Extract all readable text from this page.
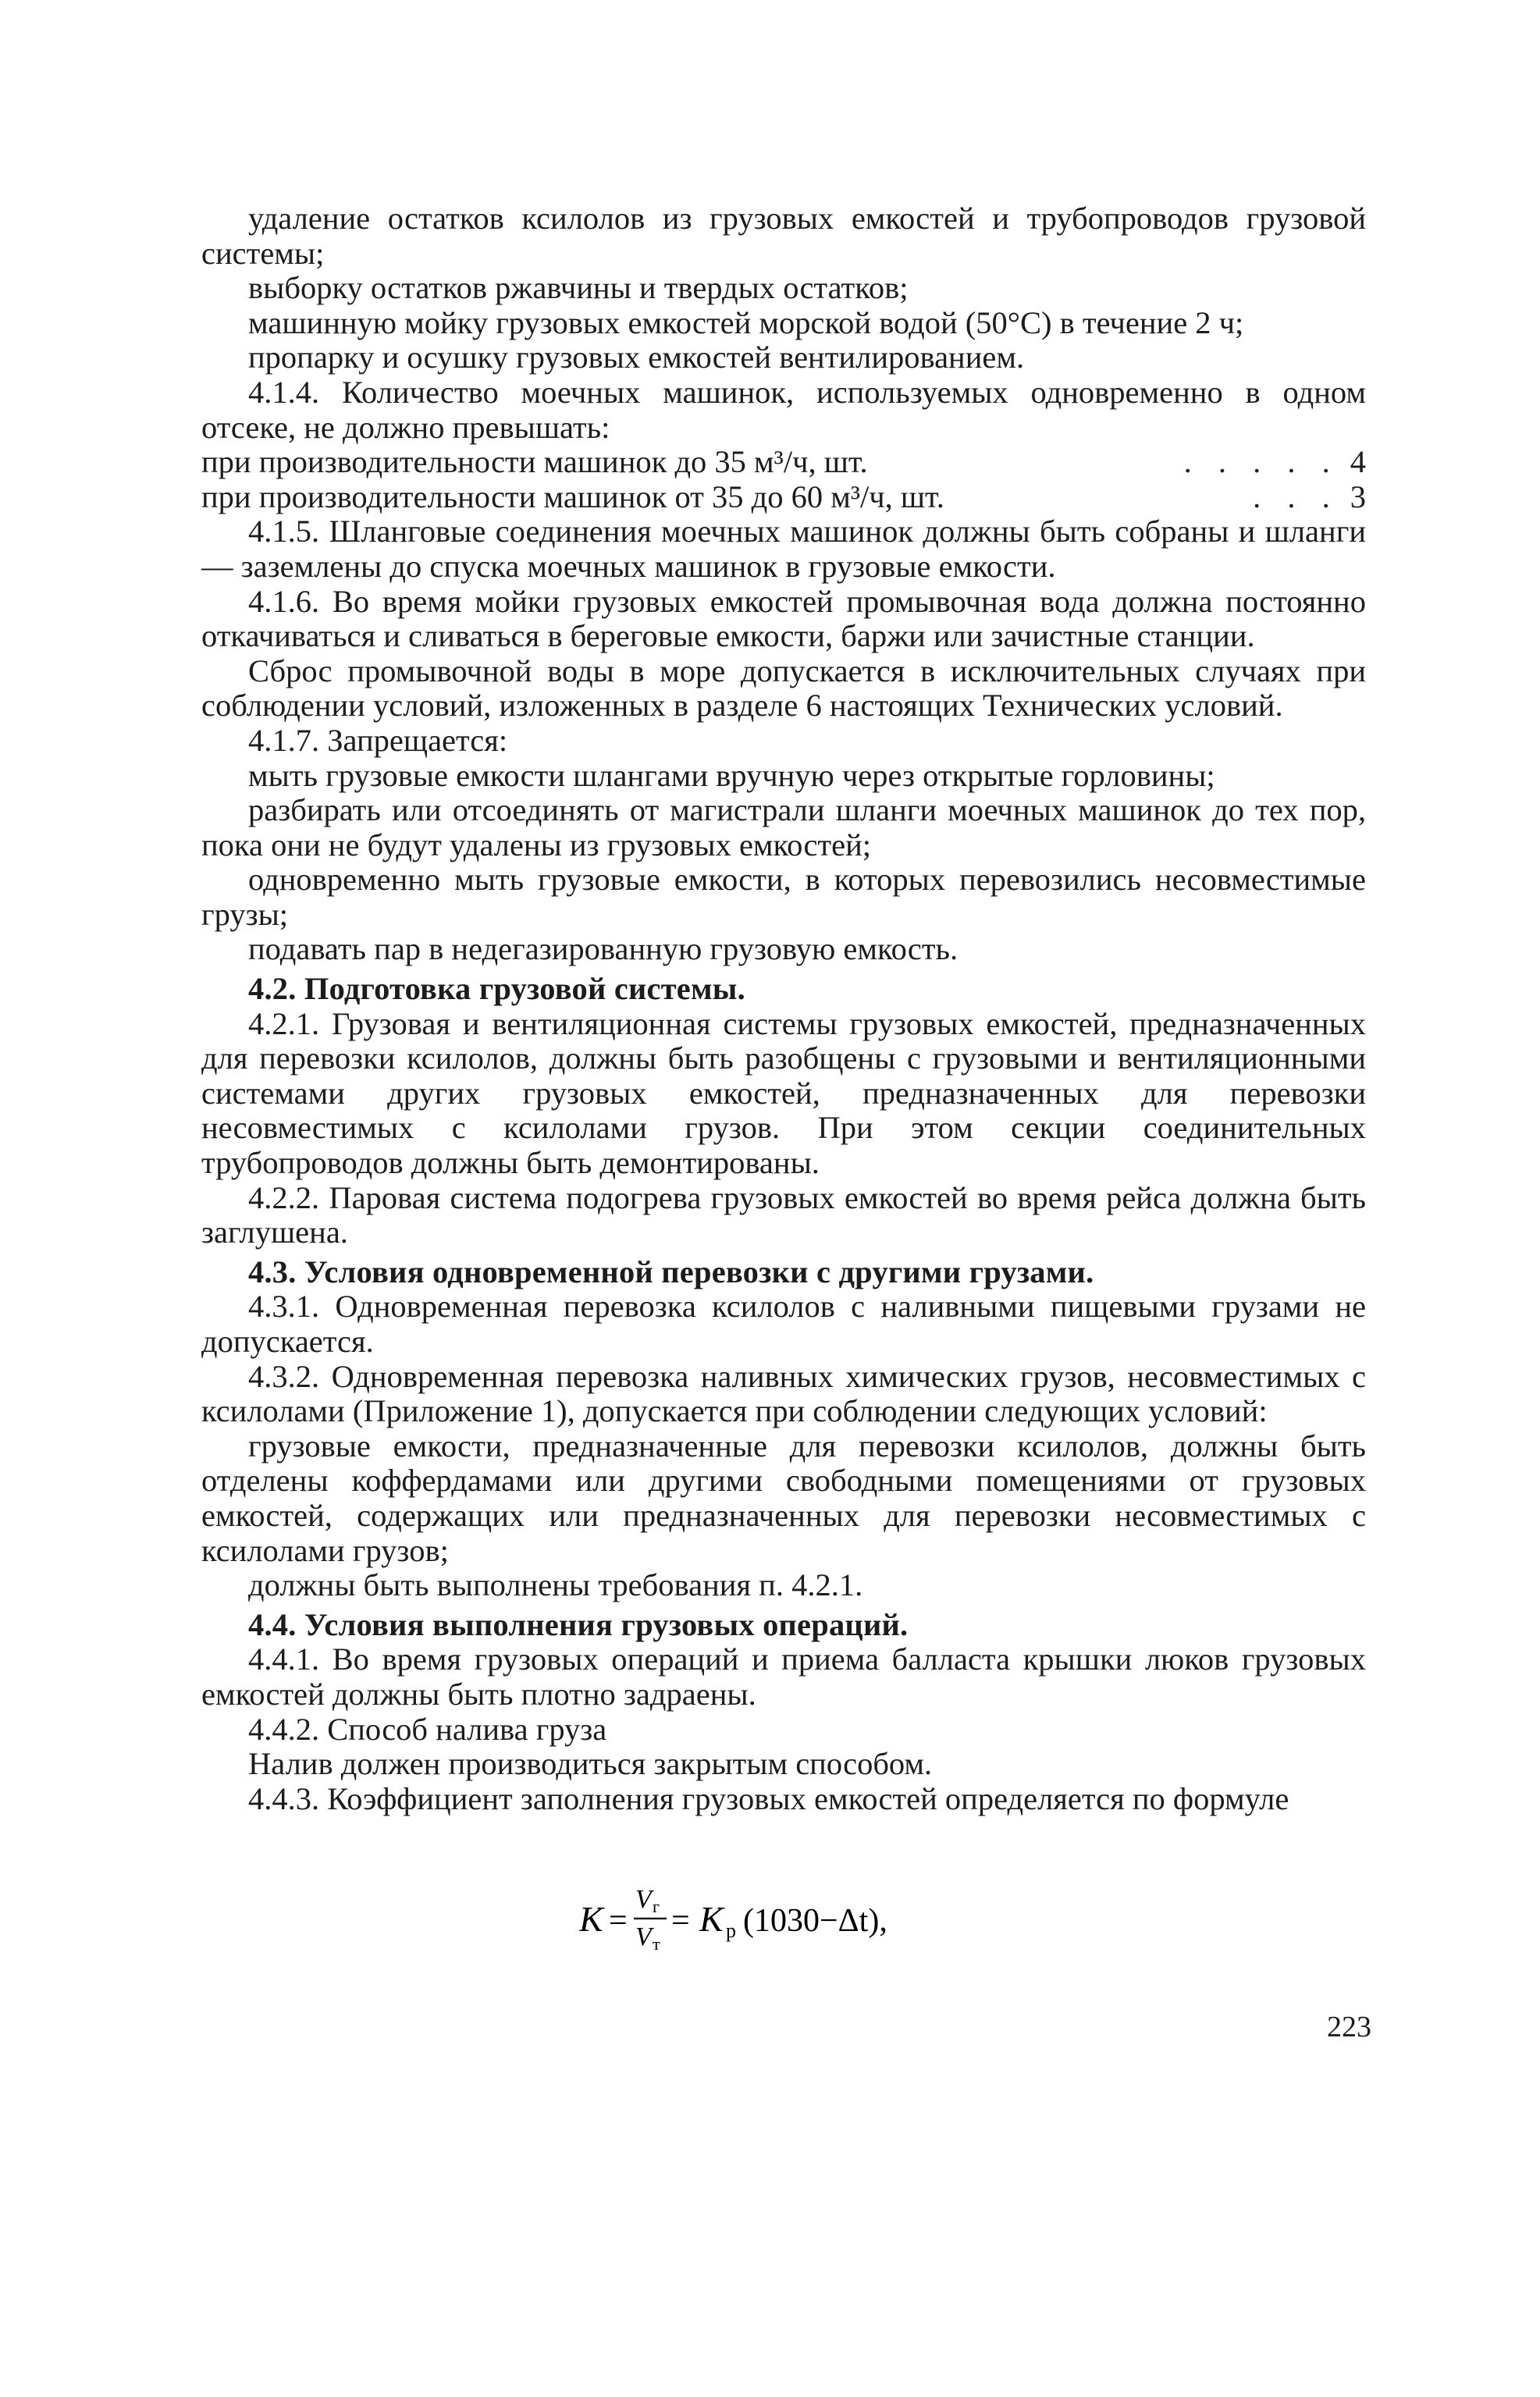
удаление остатков ксилолов из грузовых емкостей и трубопроводов грузовой системы;

выборку остатков ржавчины и твердых остатков;

машинную мойку грузовых емкостей морской водой (50°С) в течение 2 ч;

пропарку и осушку грузовых емкостей вентилированием.

4.1.4. Количество моечных машинок, используемых одновременно в одном отсеке, не должно превышать:

при производительности машинок до 35 м³/ч, шт.	. . . . . 4

при производительности машинок от 35 до 60 м³/ч, шт.	. . . 3

4.1.5. Шланговые соединения моечных машинок должны быть собраны и шланги — заземлены до спуска моечных машинок в грузовые емкости.

4.1.6. Во время мойки грузовых емкостей промывочная вода должна постоянно откачиваться и сливаться в береговые емкости, баржи или зачистные станции.

Сброс промывочной воды в море допускается в исключительных случаях при соблюдении условий, изложенных в разделе 6 настоящих Технических условий.

4.1.7. Запрещается:

мыть грузовые емкости шлангами вручную через открытые горловины;

разбирать или отсоединять от магистрали шланги моечных машинок до тех пор, пока они не будут удалены из грузовых емкостей;

одновременно мыть грузовые емкости, в которых перевозились несовместимые грузы;

подавать пар в недегазированную грузовую емкость.

4.2. Подготовка грузовой системы.

4.2.1. Грузовая и вентиляционная системы грузовых емкостей, предназначенных для перевозки ксилолов, должны быть разобщены с грузовыми и вентиляционными системами других грузовых емкостей, предназначенных для перевозки несовместимых с ксилолами грузов. При этом секции соединительных трубопроводов должны быть демонтированы.

4.2.2. Паровая система подогрева грузовых емкостей во время рейса должна быть заглушена.

4.3. Условия одновременной перевозки с другими грузами.

4.3.1. Одновременная перевозка ксилолов с наливными пищевыми грузами не допускается.

4.3.2. Одновременная перевозка наливных химических грузов, несовместимых с ксилолами (Приложение 1), допускается при соблюдении следующих условий:

грузовые емкости, предназначенные для перевозки ксилолов, должны быть отделены коффердамами или другими свободными помещениями от грузовых емкостей, содержащих или предназначенных для перевозки несовместимых с ксилолами грузов;

должны быть выполнены требования п. 4.2.1.

4.4. Условия выполнения грузовых операций.

4.4.1. Во время грузовых операций и приема балласта крышки люков грузовых емкостей должны быть плотно задраены.

4.4.2. Способ налива груза

Налив должен производиться закрытым способом.

4.4.3. Коэффициент заполнения грузовых емкостей определяется по формуле

K =
V г
V т
= K р (1030−Δt),
223
